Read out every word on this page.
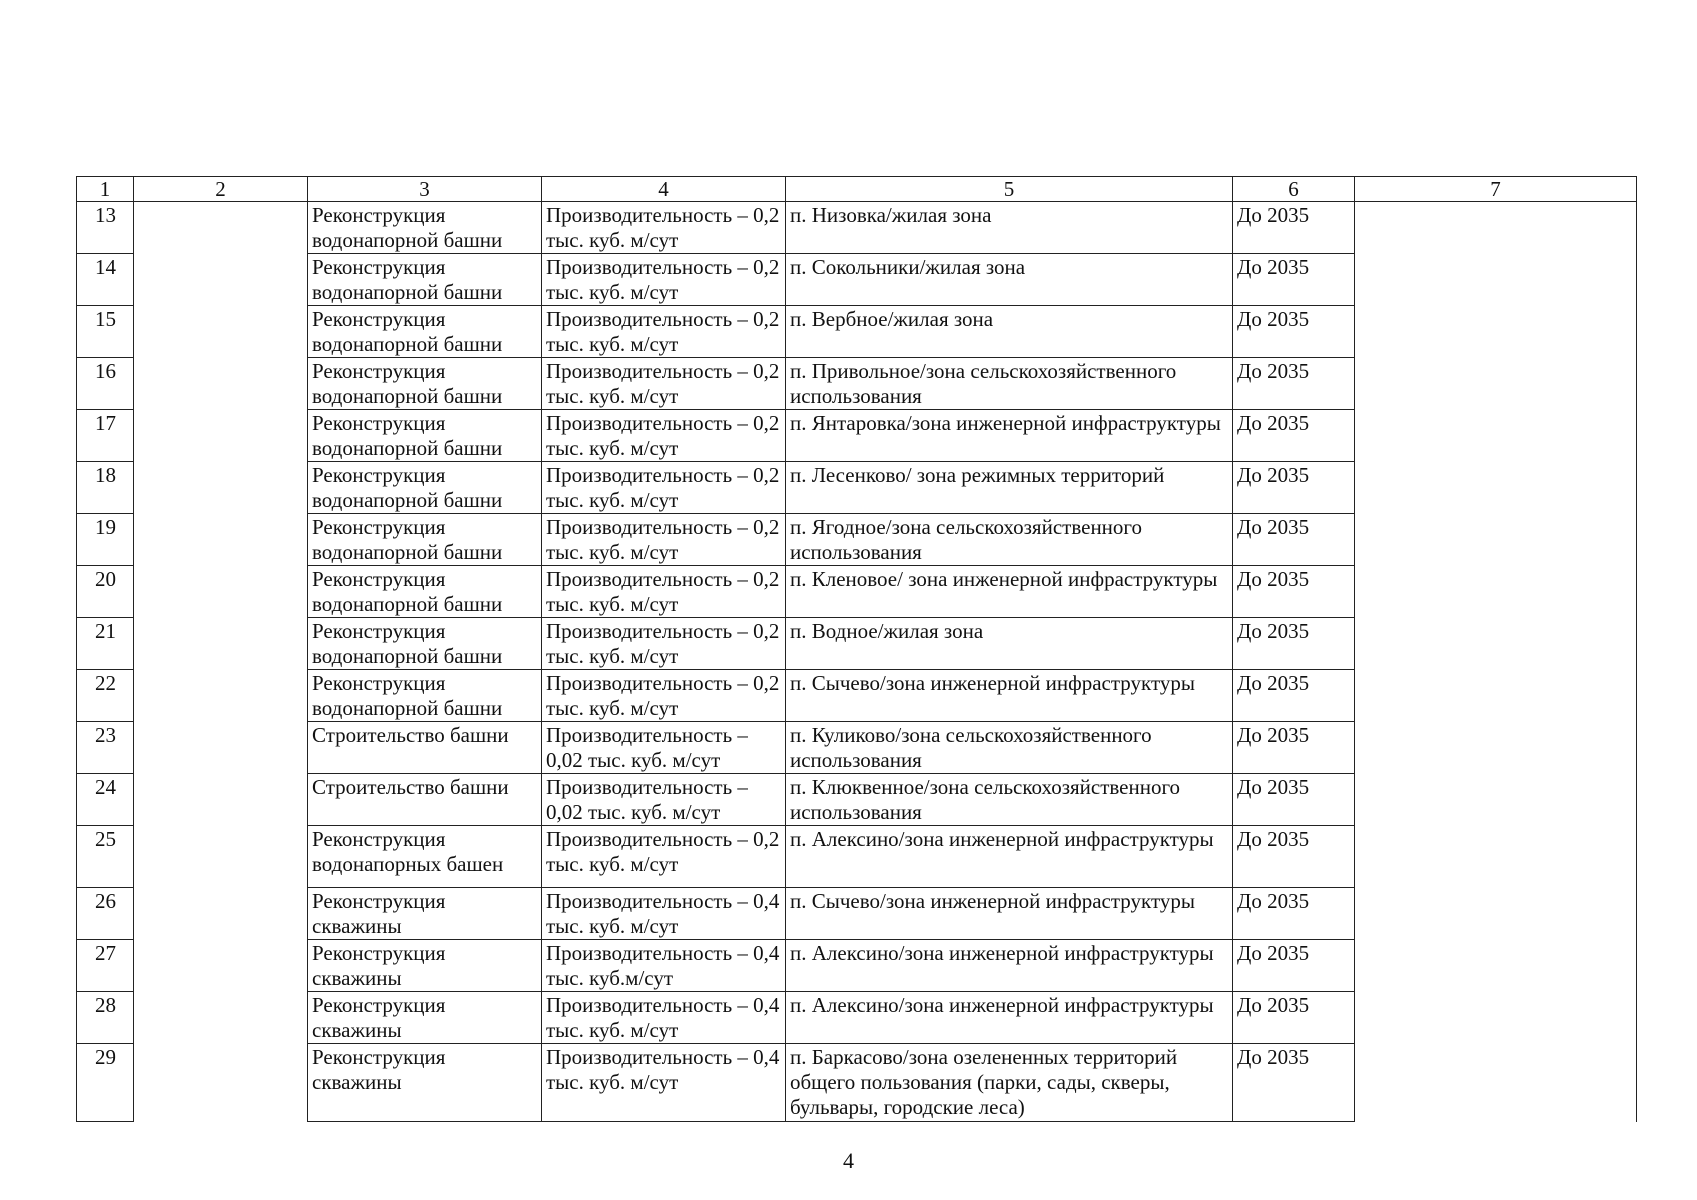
1	2	3	4	5	6	7
13		Реконструкция водонапорной башни	Производительность – 0,2 тыс. куб. м/сут	п. Низовка/жилая зона	До 2035	
14		Реконструкция водонапорной башни	Производительность – 0,2 тыс. куб. м/сут	п. Сокольники/жилая зона	До 2035	
15		Реконструкция водонапорной башни	Производительность – 0,2 тыс. куб. м/сут	п. Вербное/жилая зона	До 2035	
16		Реконструкция водонапорной башни	Производительность – 0,2 тыс. куб. м/сут	п. Привольное/зона сельскохозяйственного использования	До 2035	
17		Реконструкция водонапорной башни	Производительность – 0,2 тыс. куб. м/сут	п. Янтаровка/зона инженерной инфраструктуры	До 2035	
18		Реконструкция водонапорной башни	Производительность – 0,2 тыс. куб. м/сут	п. Лесенково/ зона режимных территорий	До 2035	
19		Реконструкция водонапорной башни	Производительность – 0,2 тыс. куб. м/сут	п. Ягодное/зона сельскохозяйственного использования	До 2035	
20		Реконструкция водонапорной башни	Производительность – 0,2 тыс. куб. м/сут	п. Кленовое/ зона инженерной инфраструктуры	До 2035	
21		Реконструкция водонапорной башни	Производительность – 0,2 тыс. куб. м/сут	п. Водное/жилая зона	До 2035	
22		Реконструкция водонапорной башни	Производительность – 0,2 тыс. куб. м/сут	п. Сычево/зона инженерной инфраструктуры	До 2035	
23		Строительство башни	Производительность – 0,02 тыс. куб. м/сут	п. Куликово/зона сельскохозяйственного использования	До 2035	
24		Строительство башни	Производительность – 0,02 тыс. куб. м/сут	п. Клюквенное/зона сельскохозяйственного использования	До 2035	
25		Реконструкция водонапорных башен	Производительность – 0,2 тыс. куб. м/сут	п. Алексино/зона инженерной инфраструктуры	До 2035	
26		Реконструкция скважины	Производительность – 0,4 тыс. куб. м/сут	п. Сычево/зона инженерной инфраструктуры	До 2035	
27		Реконструкция скважины	Производительность – 0,4 тыс. куб.м/сут	п. Алексино/зона инженерной инфраструктуры	До 2035	
28		Реконструкция скважины	Производительность – 0,4 тыс. куб. м/сут	п. Алексино/зона инженерной инфраструктуры	До 2035	
29		Реконструкция скважины	Производительность – 0,4 тыс. куб. м/сут	п. Баркасово/зона озелененных территорий общего пользования (парки, сады, скверы, бульвары, городские леса)	До 2035	
4
